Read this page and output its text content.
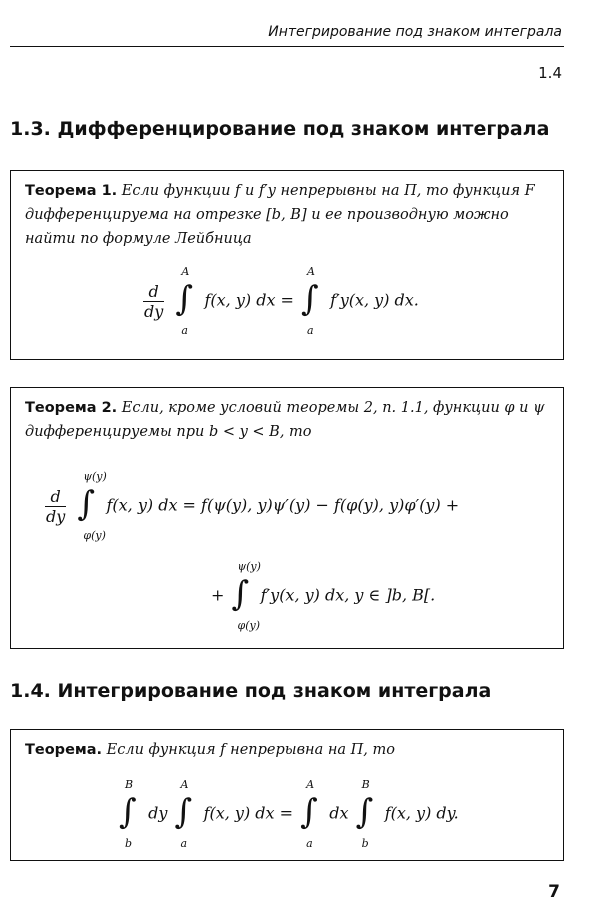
Интегрирование под знаком интеграла
1.4
1.3. Дифференцирование под знаком интеграла
Теорема 1. Если функции f и f′y непрерывны на Π, то функция F дифференцируема на отрезке [b, B] и ее производную можно найти по формуле Лейбница
$\frac{d}{dy}$
∫
A
a
f(x, y) dx = ∫
A
a
f′y(x, y) dx.
Теорема 2. Если, кроме условий теоремы 2, п. 1.1, функции φ и ψ дифференцируемы при b < y < B, то
$\frac{d}{dy}$
∫
ψ(y)
φ(y)
f(x, y) dx = f(ψ(y), y)ψ′(y) − f(φ(y), y)φ′(y) +
+ ∫
ψ(y)
φ(y)
f′y(x, y) dx, y ∈ ]b, B[.
1.4. Интегрирование под знаком интеграла
Теорема. Если функция f непрерывна на Π, то
∫
B
b
dy ∫
A
a
f(x, y) dx = ∫
A
a
dx ∫
B
b
f(x, y) dy.
7
